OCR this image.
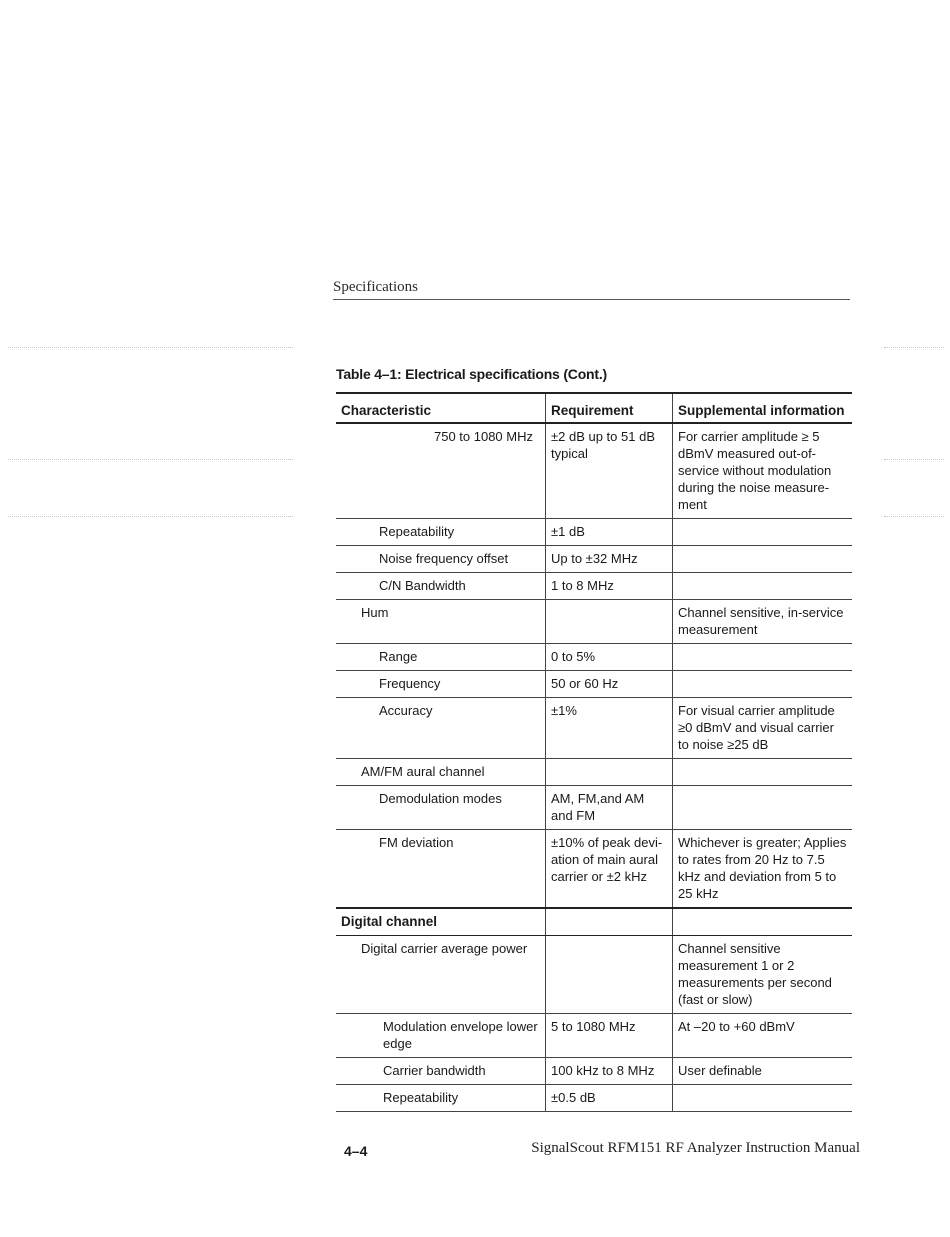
Specifications
Table 4–1: Electrical specifications (Cont.)
Characteristic	Requirement	Supplemental information
750 to 1080 MHz	±2 dB up to 51 dB typical	For carrier amplitude ≥ 5 dBmV measured out-of-service without modulation during the noise measure-ment
Repeatability	±1 dB	
Noise frequency offset	Up to ±32 MHz	
C/N Bandwidth	1 to 8 MHz	
Hum		Channel sensitive, in-service measurement
Range	0 to 5%	
Frequency	50 or 60 Hz	
Accuracy	±1%	For visual carrier amplitude ≥0 dBmV and visual carrier to noise ≥25 dB
AM/FM aural channel		
Demodulation modes	AM, FM,and AM and FM	
FM deviation	±10% of peak devi-ation of main aural carrier or ±2 kHz	Whichever is greater; Applies to rates from 20 Hz to 7.5 kHz and deviation from 5 to 25 kHz
Digital channel		
Digital carrier average power		Channel sensitive measurement 1 or 2 measurements per second (fast or slow)
Modulation envelope lower edge	5 to 1080 MHz	At –20 to +60 dBmV
Carrier bandwidth	100 kHz to 8 MHz	User definable
Repeatability	±0.5 dB	
4–4	SignalScout RFM151 RF Analyzer Instruction Manual
